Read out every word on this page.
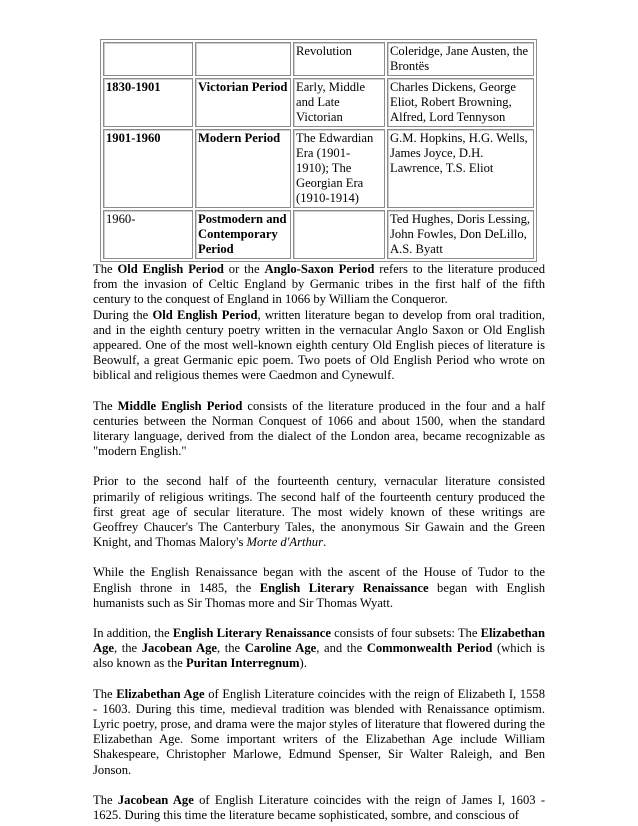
		Revolution	Coleridge, Jane Austen, the Brontës
1830-1901	Victorian Period	Early, Middle and Late Victorian	Charles Dickens, George Eliot, Robert Browning, Alfred, Lord Tennyson
1901-1960	Modern Period	The Edwardian Era (1901-1910); The Georgian Era (1910-1914)	G.M. Hopkins, H.G. Wells, James Joyce, D.H. Lawrence, T.S. Eliot
1960-	Postmodern and Contemporary Period		Ted Hughes, Doris Lessing, John Fowles, Don DeLillo, A.S. Byatt

The Old English Period or the Anglo-Saxon Period refers to the literature produced from the invasion of Celtic England by Germanic tribes in the first half of the fifth century to the conquest of England in 1066 by William the Conqueror.

During the Old English Period, written literature began to develop from oral tradition, and in the eighth century poetry written in the vernacular Anglo Saxon or Old English appeared. One of the most well-known eighth century Old English pieces of literature is Beowulf, a great Germanic epic poem. Two poets of Old English Period who wrote on biblical and religious themes were Caedmon and Cynewulf.

The Middle English Period consists of the literature produced in the four and a half centuries between the Norman Conquest of 1066 and about 1500, when the standard literary language, derived from the dialect of the London area, became recognizable as "modern English."

Prior to the second half of the fourteenth century, vernacular literature consisted primarily of religious writings. The second half of the fourteenth century produced the first great age of secular literature. The most widely known of these writings are Geoffrey Chaucer's The Canterbury Tales, the anonymous Sir Gawain and the Green Knight, and Thomas Malory's Morte d'Arthur.

While the English Renaissance began with the ascent of the House of Tudor to the English throne in 1485, the English Literary Renaissance began with English humanists such as Sir Thomas more and Sir Thomas Wyatt.

In addition, the English Literary Renaissance consists of four subsets: The Elizabethan Age, the Jacobean Age, the Caroline Age, and the Commonwealth Period (which is also known as the Puritan Interregnum).

The Elizabethan Age of English Literature coincides with the reign of Elizabeth I, 1558 - 1603. During this time, medieval tradition was blended with Renaissance optimism. Lyric poetry, prose, and drama were the major styles of literature that flowered during the Elizabethan Age. Some important writers of the Elizabethan Age include William Shakespeare, Christopher Marlowe, Edmund Spenser, Sir Walter Raleigh, and Ben Jonson.

The Jacobean Age of English Literature coincides with the reign of James I, 1603 - 1625. During this time the literature became sophisticated, sombre, and conscious of
